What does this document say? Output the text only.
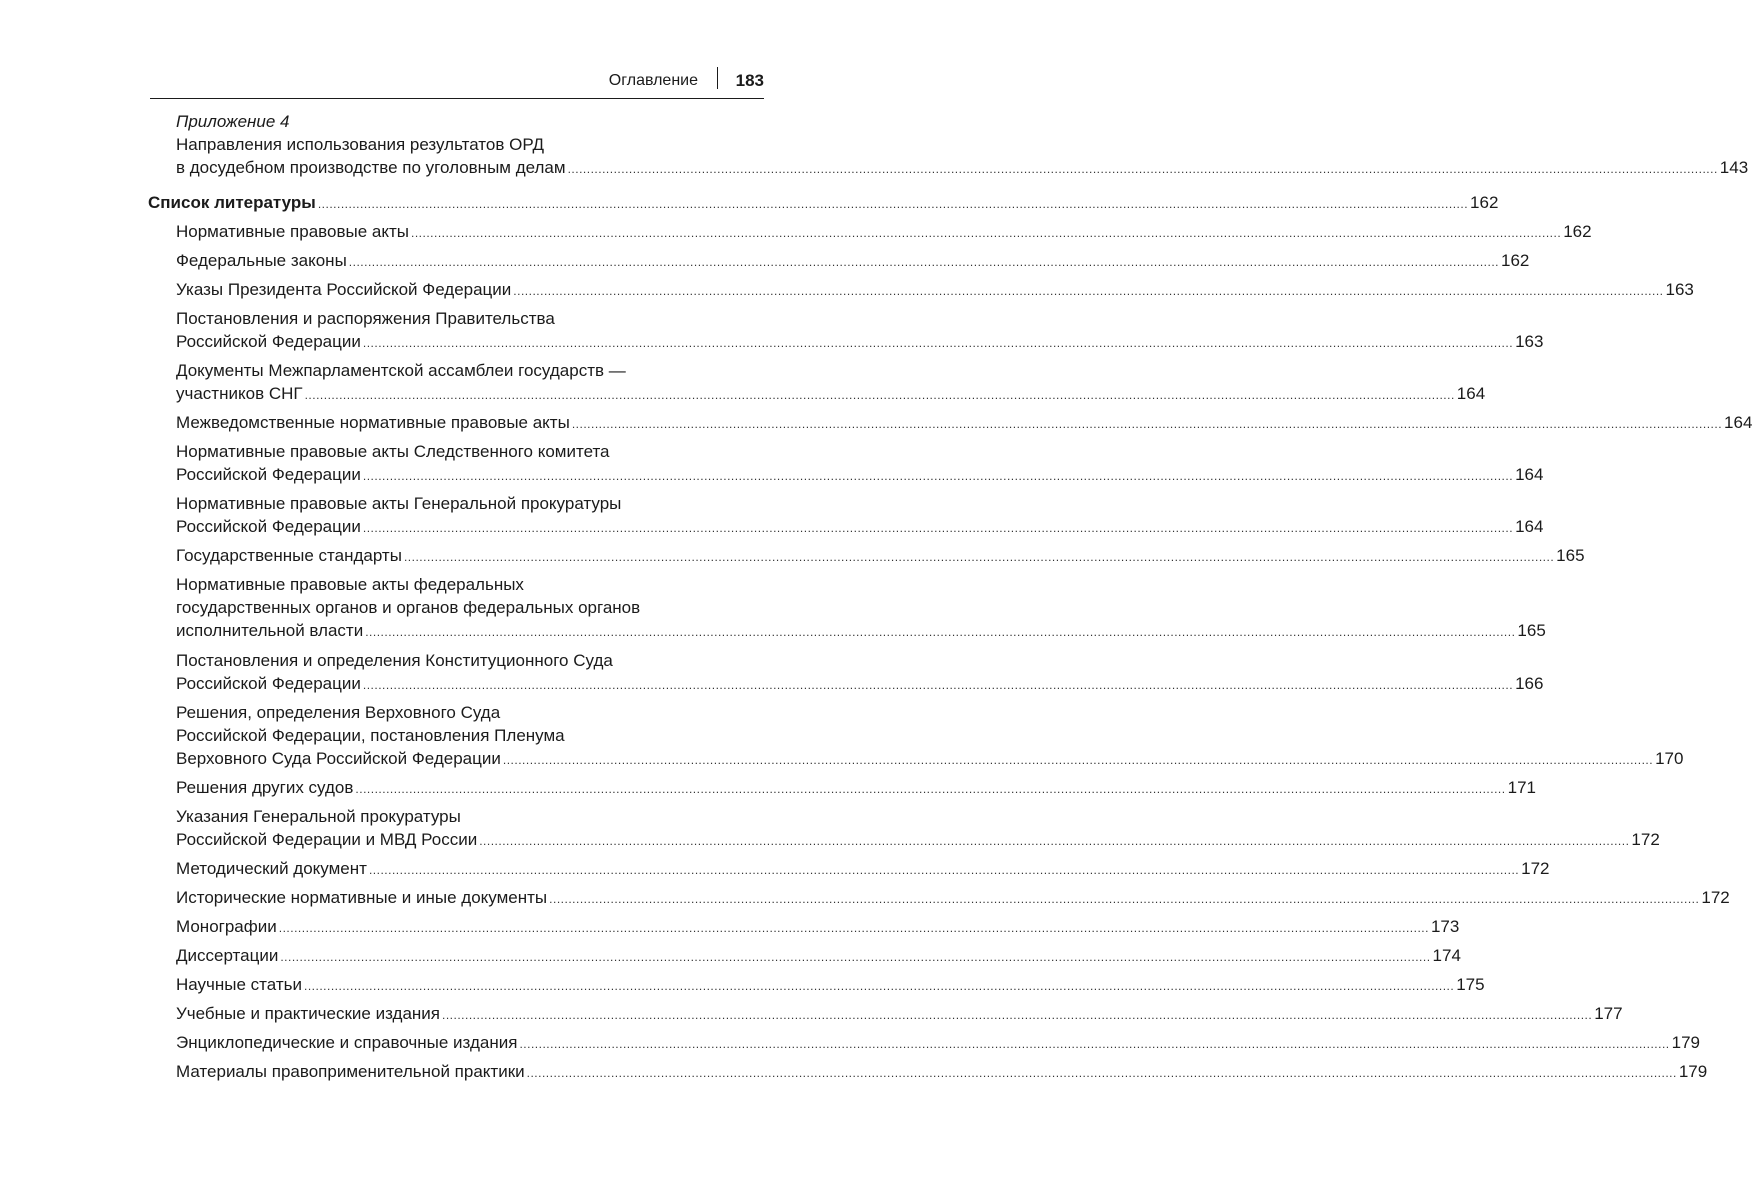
Оглавление 183
Приложение 4
Направления использования результатов ОРД
в досудебном производстве по уголовным делам ............................................................................................................................................................................................................................................................................................................ 143
Список литературы ............................................................................................................................................................................................................................................................................................................ 162
Нормативные правовые акты ............................................................................................................................................................................................................................................................................................................ 162
Федеральные законы ............................................................................................................................................................................................................................................................................................................ 162
Указы Президента Российской Федерации ............................................................................................................................................................................................................................................................................................................ 163
Постановления и распоряжения Правительства
Российской Федерации ............................................................................................................................................................................................................................................................................................................ 163
Документы Межпарламентской ассамблеи государств —
участников СНГ ............................................................................................................................................................................................................................................................................................................ 164
Межведомственные нормативные правовые акты ............................................................................................................................................................................................................................................................................................................ 164
Нормативные правовые акты Следственного комитета
Российской Федерации ............................................................................................................................................................................................................................................................................................................ 164
Нормативные правовые акты Генеральной прокуратуры
Российской Федерации ............................................................................................................................................................................................................................................................................................................ 164
Государственные стандарты ............................................................................................................................................................................................................................................................................................................ 165
Нормативные правовые акты федеральных
государственных органов и органов федеральных органов
исполнительной власти ............................................................................................................................................................................................................................................................................................................ 165
Постановления и определения Конституционного Суда
Российской Федерации ............................................................................................................................................................................................................................................................................................................ 166
Решения, определения Верховного Суда
Российской Федерации, постановления Пленума
Верховного Суда Российской Федерации ............................................................................................................................................................................................................................................................................................................ 170
Решения других судов ............................................................................................................................................................................................................................................................................................................ 171
Указания Генеральной прокуратуры
Российской Федерации и МВД России ............................................................................................................................................................................................................................................................................................................ 172
Методический документ ............................................................................................................................................................................................................................................................................................................ 172
Исторические нормативные и иные документы ............................................................................................................................................................................................................................................................................................................ 172
Монографии ............................................................................................................................................................................................................................................................................................................ 173
Диссертации ............................................................................................................................................................................................................................................................................................................ 174
Научные статьи ............................................................................................................................................................................................................................................................................................................ 175
Учебные и практические издания ............................................................................................................................................................................................................................................................................................................ 177
Энциклопедические и справочные издания ............................................................................................................................................................................................................................................................................................................ 179
Материалы правоприменительной практики ............................................................................................................................................................................................................................................................................................................ 179
